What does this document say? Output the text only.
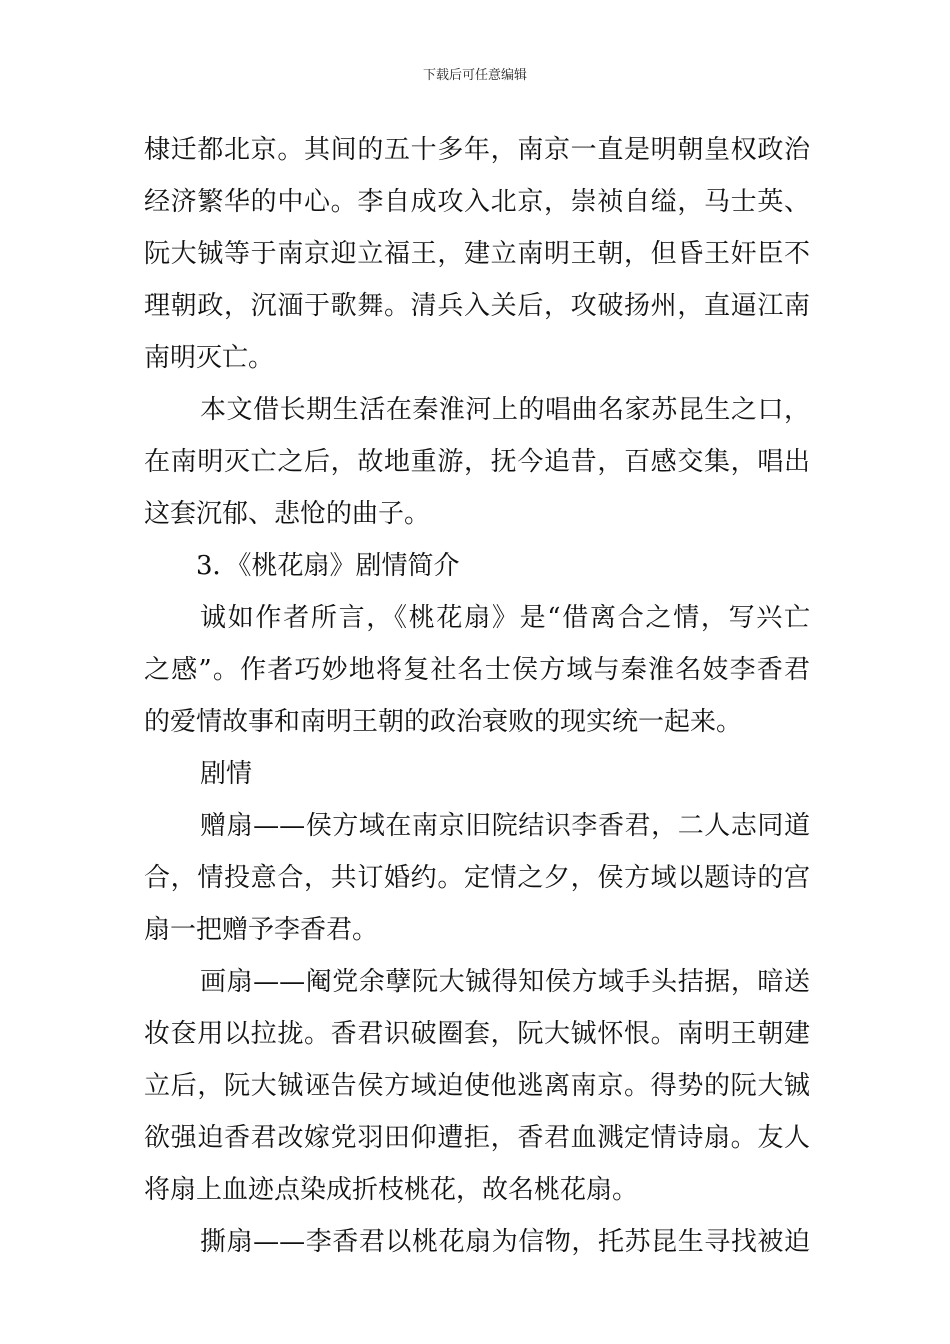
下载后可任意编辑
棣迁都北京。其间的五十多年，南京一直是明朝皇权政治
经济繁华的中心。李自成攻入北京，崇祯自缢，马士英、
阮大铖等于南京迎立福王，建立南明王朝，但昏王奸臣不
理朝政，沉湎于歌舞。清兵入关后，攻破扬州，直逼江南
南明灭亡。
本文借长期生活在秦淮河上的唱曲名家苏昆生之口，
在南明灭亡之后，故地重游，抚今追昔，百感交集，唱出
这套沉郁、悲怆的曲子。
3．《桃花扇》剧情简介
诚如作者所言，《桃花扇》是“借离合之情，写兴亡
之感”。作者巧妙地将复社名士侯方域与秦淮名妓李香君
的爱情故事和南明王朝的政治衰败的现实统一起来。
剧情
赠扇——侯方域在南京旧院结识李香君，二人志同道
合，情投意合，共订婚约。定情之夕，侯方域以题诗的宫
扇一把赠予李香君。
画扇——阉党余孽阮大铖得知侯方域手头拮据，暗送
妆奁用以拉拢。香君识破圈套，阮大铖怀恨。南明王朝建
立后，阮大铖诬告侯方域迫使他逃离南京。得势的阮大铖
欲强迫香君改嫁党羽田仰遭拒，香君血溅定情诗扇。友人
将扇上血迹点染成折枝桃花，故名桃花扇。
撕扇——李香君以桃花扇为信物，托苏昆生寻找被迫
